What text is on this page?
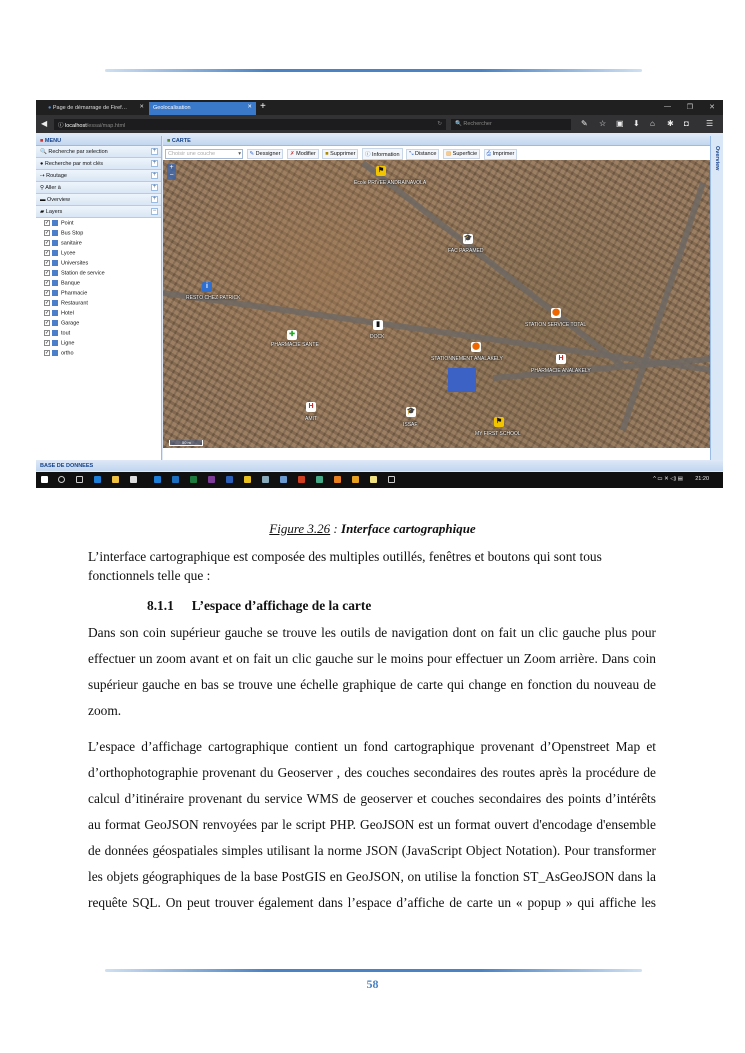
● Page de démarrage de Firef… ✕	Geolocalisation	✕ +	— ❐ ✕
◀	ⓘ localhost/essai/map.html	↻	🔍 Rechercher	✎ ☆ ▣ ⬇ ⌂ ✱ ◘ ☰
■ MENU
🔍 Recherche par selection	+
● Recherche par mot clés	+
⇢ Routage	+
⚲ Aller à	+
▬ Overview	+
▰ Layers	−
✓ Point
✓ Bus Stop
✓ sanitaire
✓ Lycee
✓ Universites
✓ Station de service
✓ Banque
✓ Pharmacie
✓ Restaurant
✓ Hotel
✓ Garage
✓ tout
✓ Ligne
✓ ortho
■ CARTE
Choisir une couche	▾ ✎ Dessigner ✗ Modifier ■ Supprimer ⓘ Information ⤡ Distance ▧ Superficie ⎙ Imprimer
+
−
50 m
⚑
Ecole PRIVEE ANDRAINAVOLA
🎓
FAC PARAMED
i
RESTO CHEZ PATRICK
✚
PHARMACIE SANTE
▮
DOCK
⬤
STATION SERVICE TOTAL
⬤
STATIONNEMENT ANALAKELY	H
PHARMACIE ANALAKELY
H
AMIT
🎓
ISSAF	⚑
MY FIRST SCHOOL
Overview
BASE DE DONNEES
^ ▭ ✕ ◁) ▤ 21:20
Figure 3.26 : Interface cartographique
L’interface cartographique est composée des multiples outillés, fenêtres et boutons qui sont tous fonctionnels telle que :
8.1.1 L’espace d’affichage de la carte
Dans son coin supérieur gauche se trouve les outils de navigation dont on fait un clic gauche plus pour effectuer un zoom avant et on fait un clic gauche sur le moins pour effectuer un Zoom arrière. Dans coin supérieur gauche en bas se trouve une échelle graphique de carte qui change en fonction du nouveau de zoom.
L’espace d’affichage cartographique contient un fond cartographique provenant d’Openstreet Map et d’orthophotographie provenant du Geoserver , des couches secondaires des routes après la procédure de calcul d’itinéraire provenant du service WMS de geoserver et couches secondaires des points d’intérêts au format GeoJSON renvoyées par le script PHP. GeoJSON est un format ouvert d'encodage d'ensemble de données géospatiales simples utilisant la norme JSON (JavaScript Object Notation). Pour transformer les objets géographiques de la base PostGIS en GeoJSON, on utilise la fonction ST_AsGeoJSON dans la requête SQL. On peut trouver également dans l’espace d’affiche de carte un « popup » qui affiche les
58
